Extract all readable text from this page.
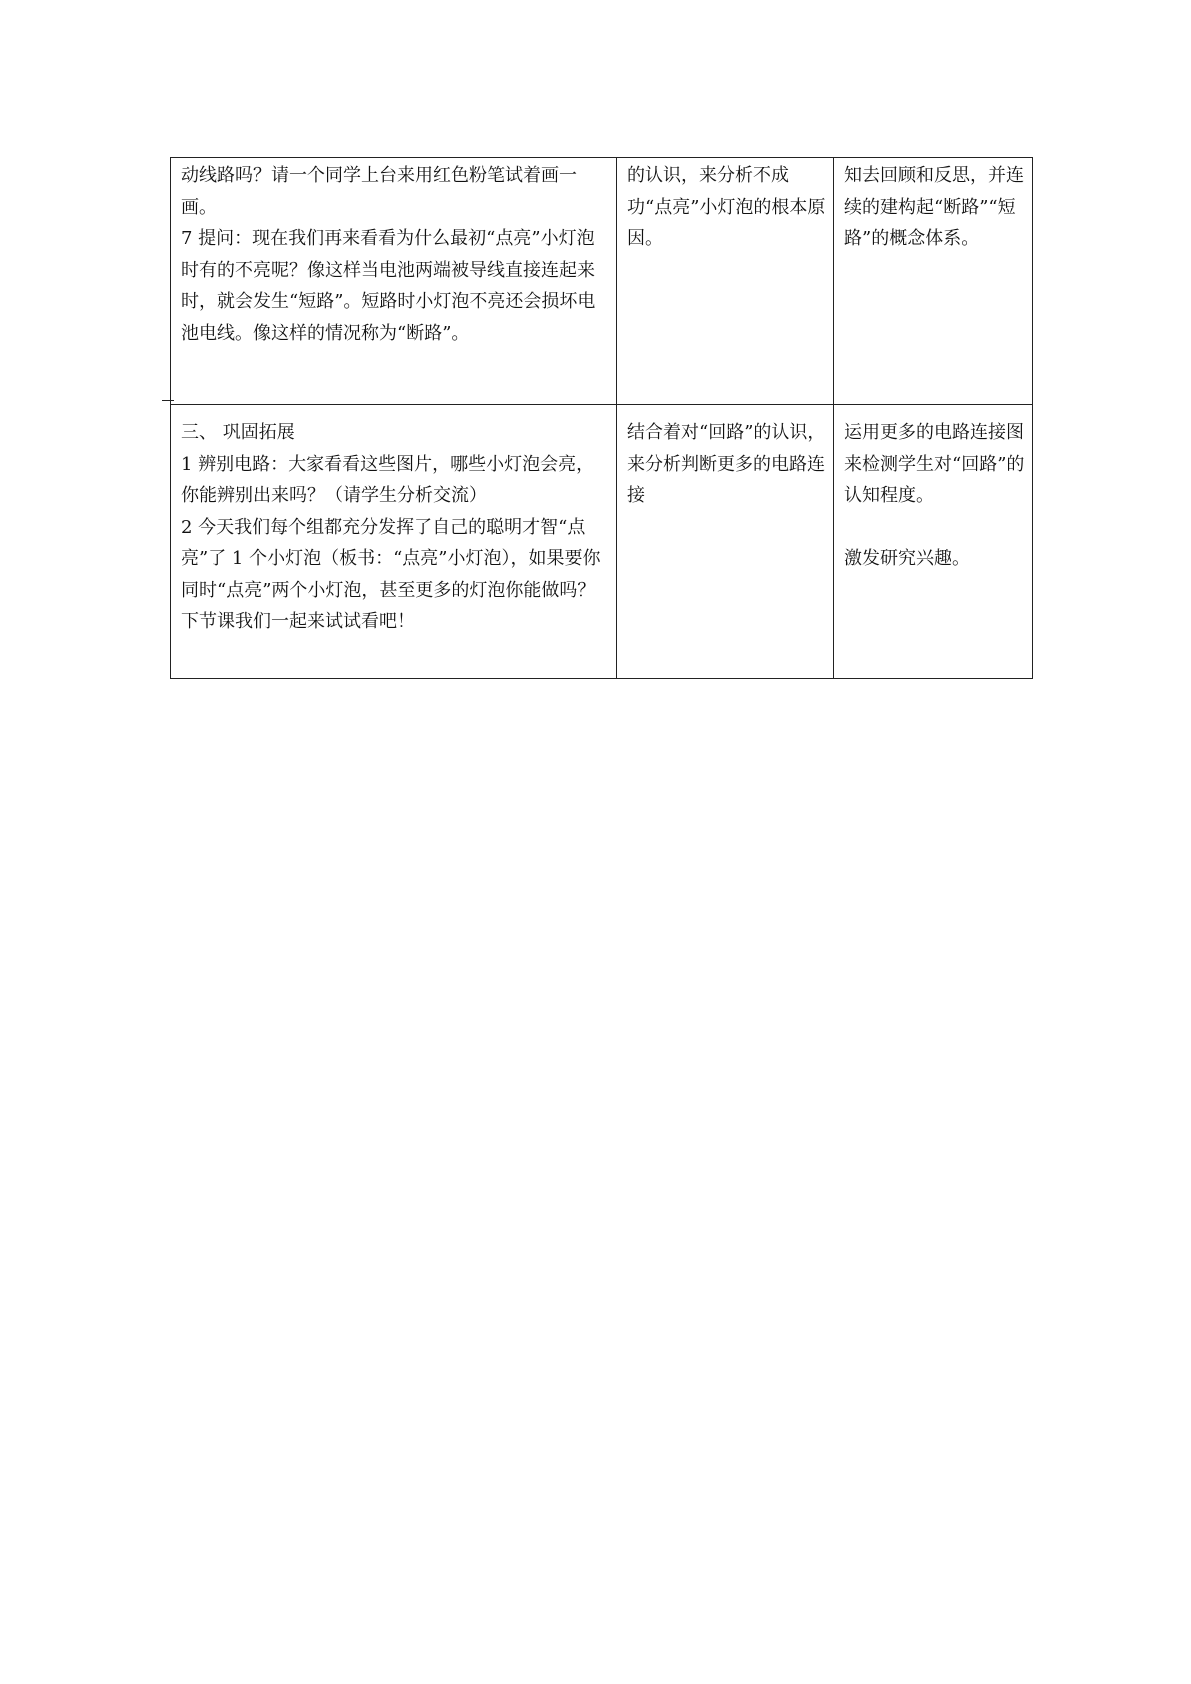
动线路吗？请一个同学上台来用红色粉笔试着画一画。
7 提问：现在我们再来看看为什么最初“点亮”小灯泡时有的不亮呢？像这样当电池两端被导线直接连起来时，就会发生“短路”。短路时小灯泡不亮还会损坏电池电线。像这样的情况称为“断路”。	的认识，来分析不成功“点亮”小灯泡的根本原因。	知去回顾和反思，并连续的建构起“断路”“短路”的概念体系。
三、 巩固拓展
1 辨别电路：大家看看这些图片，哪些小灯泡会亮，你能辨别出来吗？（请学生分析交流）
2 今天我们每个组都充分发挥了自己的聪明才智“点亮”了 1 个小灯泡（板书：“点亮”小灯泡），如果要你同时“点亮”两个小灯泡，甚至更多的灯泡你能做吗？下节课我们一起来试试看吧！	结合着对“回路”的认识，来分析判断更多的电路连接	运用更多的电路连接图来检测学生对“回路”的认知程度。

激发研究兴趣。
